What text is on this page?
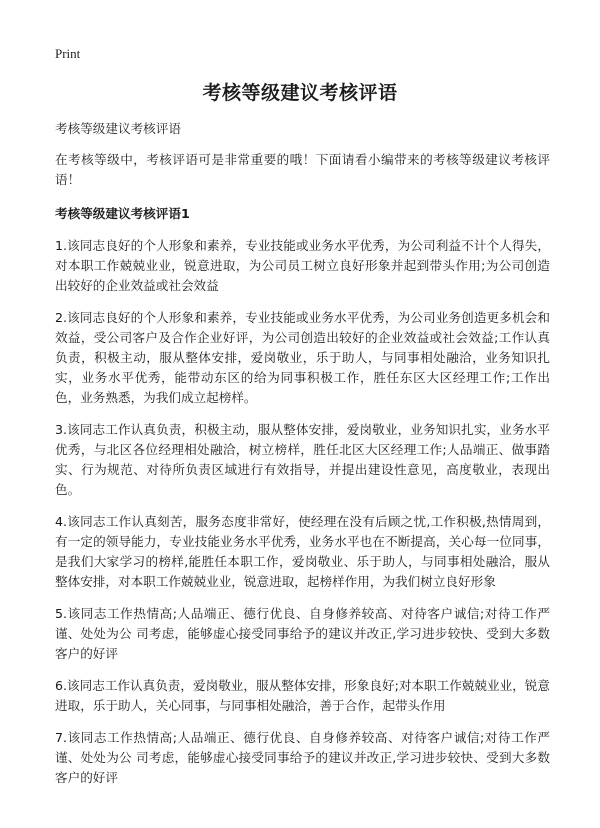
Print
考核等级建议考核评语

考核等级建议考核评语

在考核等级中，考核评语可是非常重要的哦！下面请看小编带来的考核等级建议考核评语！

考核等级建议考核评语1

1.该同志良好的个人形象和素养，专业技能或业务水平优秀，为公司利益不计个人得失，对本职工作兢兢业业，锐意进取，为公司员工树立良好形象并起到带头作用;为公司创造出较好的企业效益或社会效益

2.该同志良好的个人形象和素养，专业技能或业务水平优秀，为公司业务创造更多机会和效益，受公司客户及合作企业好评，为公司创造出较好的企业效益或社会效益;工作认真负责，积极主动，服从整体安排，爱岗敬业，乐于助人，与同事相处融洽，业务知识扎实，业务水平优秀，能带动东区的给为同事积极工作，胜任东区大区经理工作;工作出色，业务熟悉，为我们成立起榜样。

3.该同志工作认真负责，积极主动，服从整体安排，爱岗敬业，业务知识扎实，业务水平优秀，与北区各位经理相处融洽，树立榜样，胜任北区大区经理工作;人品端正、做事踏实、行为规范、对待所负责区域进行有效指导，并提出建设性意见，高度敬业，表现出色。

4.该同志工作认真刻苦，服务态度非常好，使经理在没有后顾之忧,工作积极,热情周到，有一定的领导能力，专业技能业务水平优秀，业务水平也在不断提高，关心每一位同事，是我们大家学习的榜样,能胜任本职工作，爱岗敬业、乐于助人，与同事相处融洽，服从整体安排，对本职工作兢兢业业，锐意进取，起榜样作用，为我们树立良好形象

5.该同志工作热情高;人品端正、德行优良、自身修养较高、对待客户诚信;对待工作严谨、处处为公 司考虑，能够虚心接受同事给予的建议并改正,学习进步较快、受到大多数客户的好评

6.该同志工作认真负责，爱岗敬业，服从整体安排，形象良好;对本职工作兢兢业业，锐意进取，乐于助人，关心同事，与同事相处融洽，善于合作，起带头作用

7.该同志工作热情高;人品端正、德行优良、自身修养较高、对待客户诚信;对待工作严谨、处处为公 司考虑，能够虚心接受同事给予的建议并改正,学习进步较快、受到大多数客户的好评
